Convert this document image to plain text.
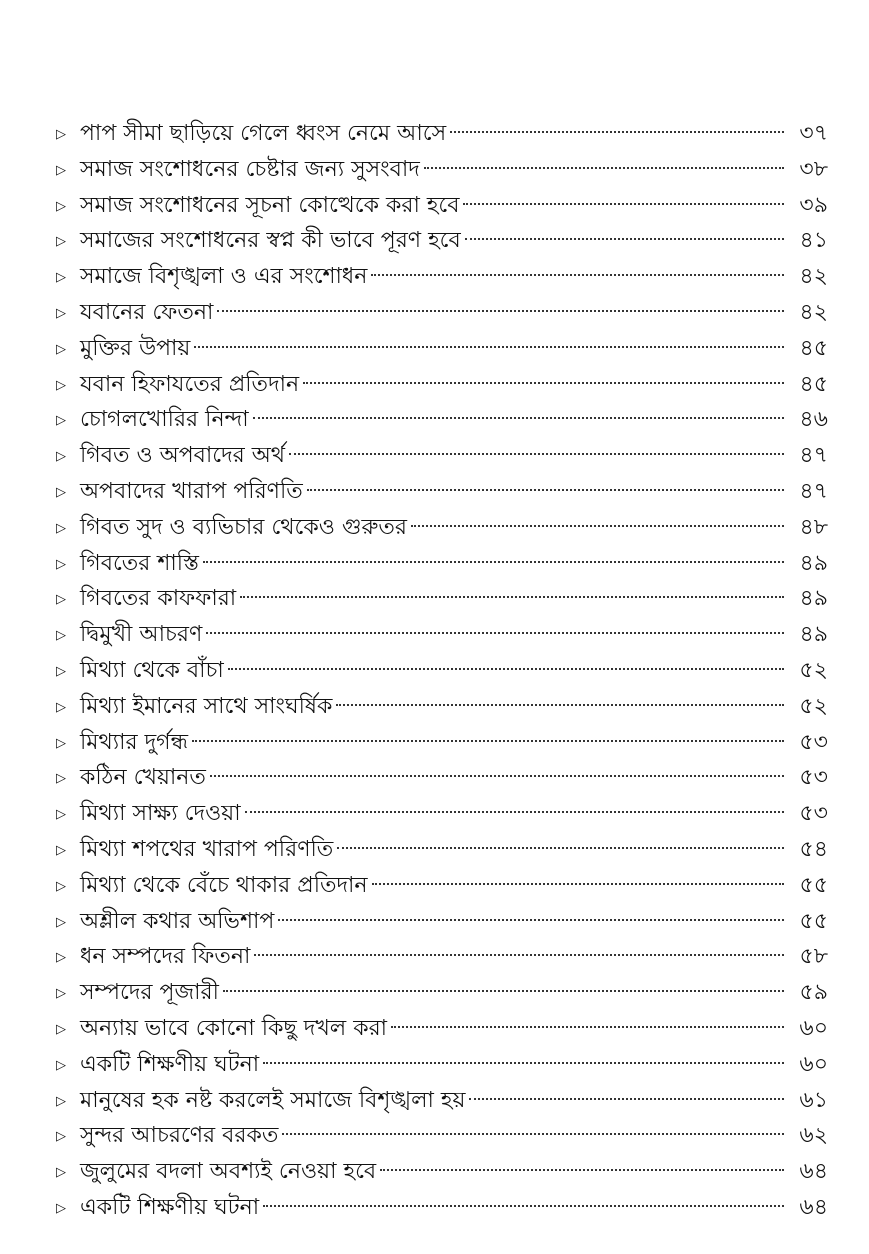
▷ পাপ সীমা ছাড়িয়ে গেলে ধ্বংস নেমে আসে	৩৭
▷ সমাজ সংশোধনের চেষ্টার জন্য সুসংবাদ	৩৮
▷ সমাজ সংশোধনের সূচনা কোত্থেকে করা হবে	৩৯
▷ সমাজের সংশোধনের স্বপ্ন কী ভাবে পূরণ হবে	৪১
▷ সমাজে বিশৃঙ্খলা ও এর সংশোধন	৪২
▷ যবানের ফেতনা	৪২
▷ মুক্তির উপায়	৪৫
▷ যবান হিফাযতের প্রতিদান	৪৫
▷ চোগলখোরির নিন্দা	৪৬
▷ গিবত ও অপবাদের অর্থ	৪৭
▷ অপবাদের খারাপ পরিণতি	৪৭
▷ গিবত সুদ ও ব্যভিচার থেকেও গুরুতর	৪৮
▷ গিবতের শাস্তি	৪৯
▷ গিবতের কাফফারা	৪৯
▷ দ্বিমুখী আচরণ	৪৯
▷ মিথ্যা থেকে বাঁচা	৫২
▷ মিথ্যা ইমানের সাথে সাংঘর্ষিক	৫২
▷ মিথ্যার দুর্গন্ধ	৫৩
▷ কঠিন খেয়ানত	৫৩
▷ মিথ্যা সাক্ষ্য দেওয়া	৫৩
▷ মিথ্যা শপথের খারাপ পরিণতি	৫৪
▷ মিথ্যা থেকে বেঁচে থাকার প্রতিদান	৫৫
▷ অশ্লীল কথার অভিশাপ	৫৫
▷ ধন সম্পদের ফিতনা	৫৮
▷ সম্পদের পূজারী	৫৯
▷ অন্যায় ভাবে কোনো কিছু দখল করা	৬০
▷ একটি শিক্ষণীয় ঘটনা	৬০
▷ মানুষের হক নষ্ট করলেই সমাজে বিশৃঙ্খলা হয়	৬১
▷ সুন্দর আচরণের বরকত	৬২
▷ জুলুমের বদলা অবশ্যই নেওয়া হবে	৬৪
▷ একটি শিক্ষণীয় ঘটনা	৬৪
